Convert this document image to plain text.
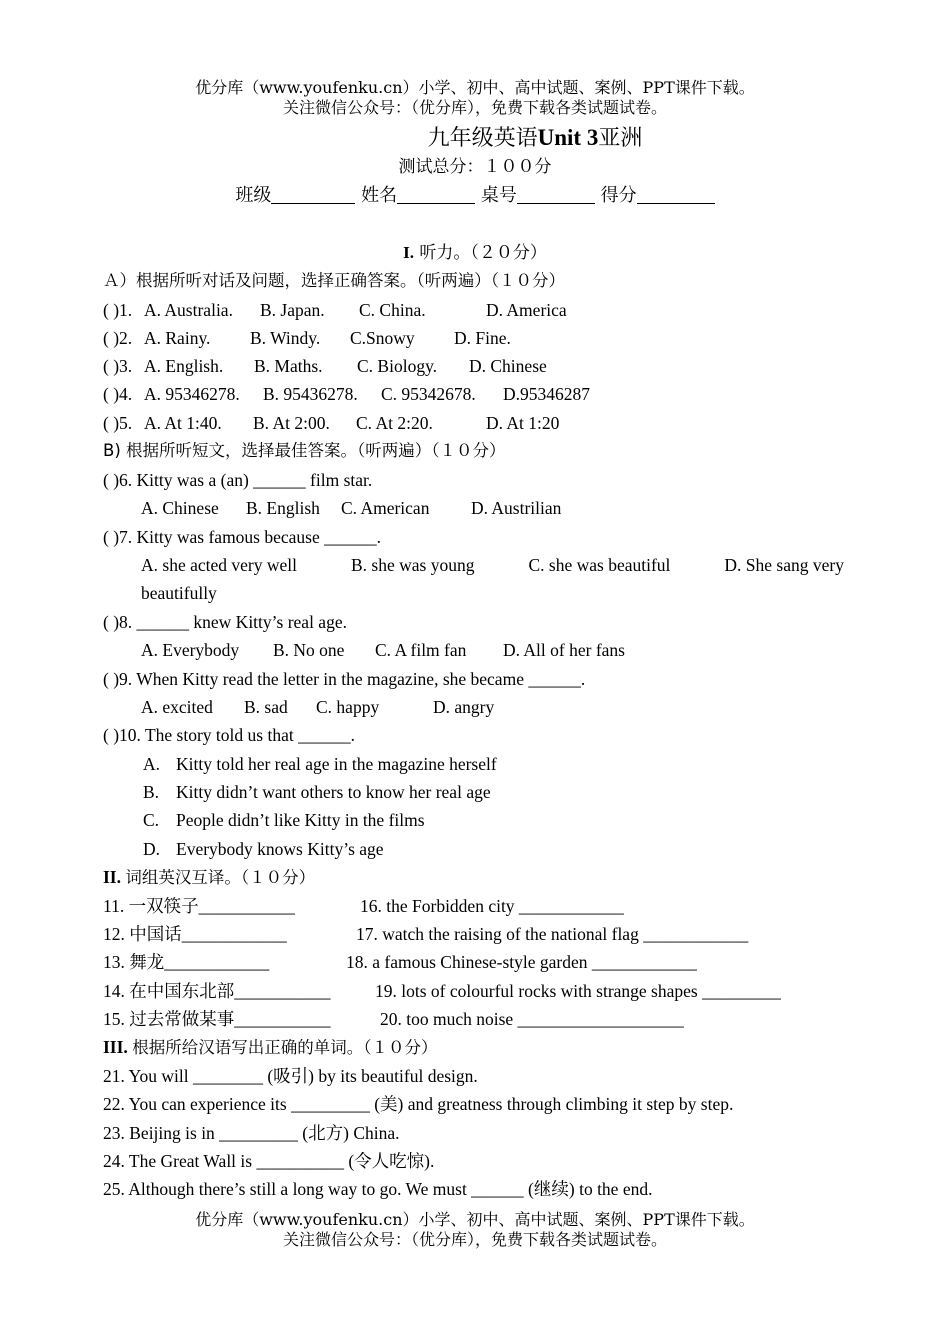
优分库（www.youfenku.cn）小学、初中、高中试题、案例、PPT课件下载。
关注微信公众号：（优分库），免费下载各类试题试卷。
九年级英语Unit 3亚洲
测试总分：１００分
班级	姓名	桌号	得分
I. 听力。（２０分）
Ａ）根据所听对话及问题，选择正确答案。（听两遍）（１０分）
( )1. A. Australia. B. Japan. C. China.	D. America
( )2. A. Rainy. B. Windy. C.Snowy D. Fine.
( )3. A. English. B. Maths. C. Biology. D. Chinese
( )4. A. 95346278. B. 95436278. C. 95342678. D.95346287
( )5. A. At 1:40. B. At 2:00. C. At 2:20.	D. At 1:20
B) 根据所听短文，选择最佳答案。（听两遍）（１０分）
( )6. Kitty was a (an) ______ film star.
A. Chinese B. English C. American D. Austrilian
( )7. Kitty was famous because ______.
A. she acted very well	B. she was young	C. she was beautiful	D. She sang very
beautifully
( )8. ______ knew Kitty’s real age.
A. Everybody B. No one C. A film fan D. All of her fans
( )9. When Kitty read the letter in the magazine, she became ______.
A. excited B. sad C. happy	D. angry
( )10. The story told us that ______.
A. Kitty told her real age in the magazine herself
B. Kitty didn’t want others to know her real age
C. People didn’t like Kitty in the films
D. Everybody knows Kitty’s age
II. 词组英汉互译。（１０分）
11. 一双筷子___________	16. the Forbidden city ____________
12. 中国话____________	17. watch the raising of the national flag ____________
13. 舞龙____________	18. a famous Chinese-style garden ____________
14. 在中国东北部___________	19. lots of colourful rocks with strange shapes _________
15. 过去常做某事___________	20. too much noise ___________________
III. 根据所给汉语写出正确的单词。（１０分）
21. You will ________ (吸引) by its beautiful design.
22. You can experience its _________ (美) and greatness through climbing it step by step.
23. Beijing is in _________ (北方) China.
24. The Great Wall is __________ (令人吃惊).
25. Although there’s still a long way to go. We must ______ (继续) to the end.
优分库（www.youfenku.cn）小学、初中、高中试题、案例、PPT课件下载。
关注微信公众号：（优分库），免费下载各类试题试卷。
